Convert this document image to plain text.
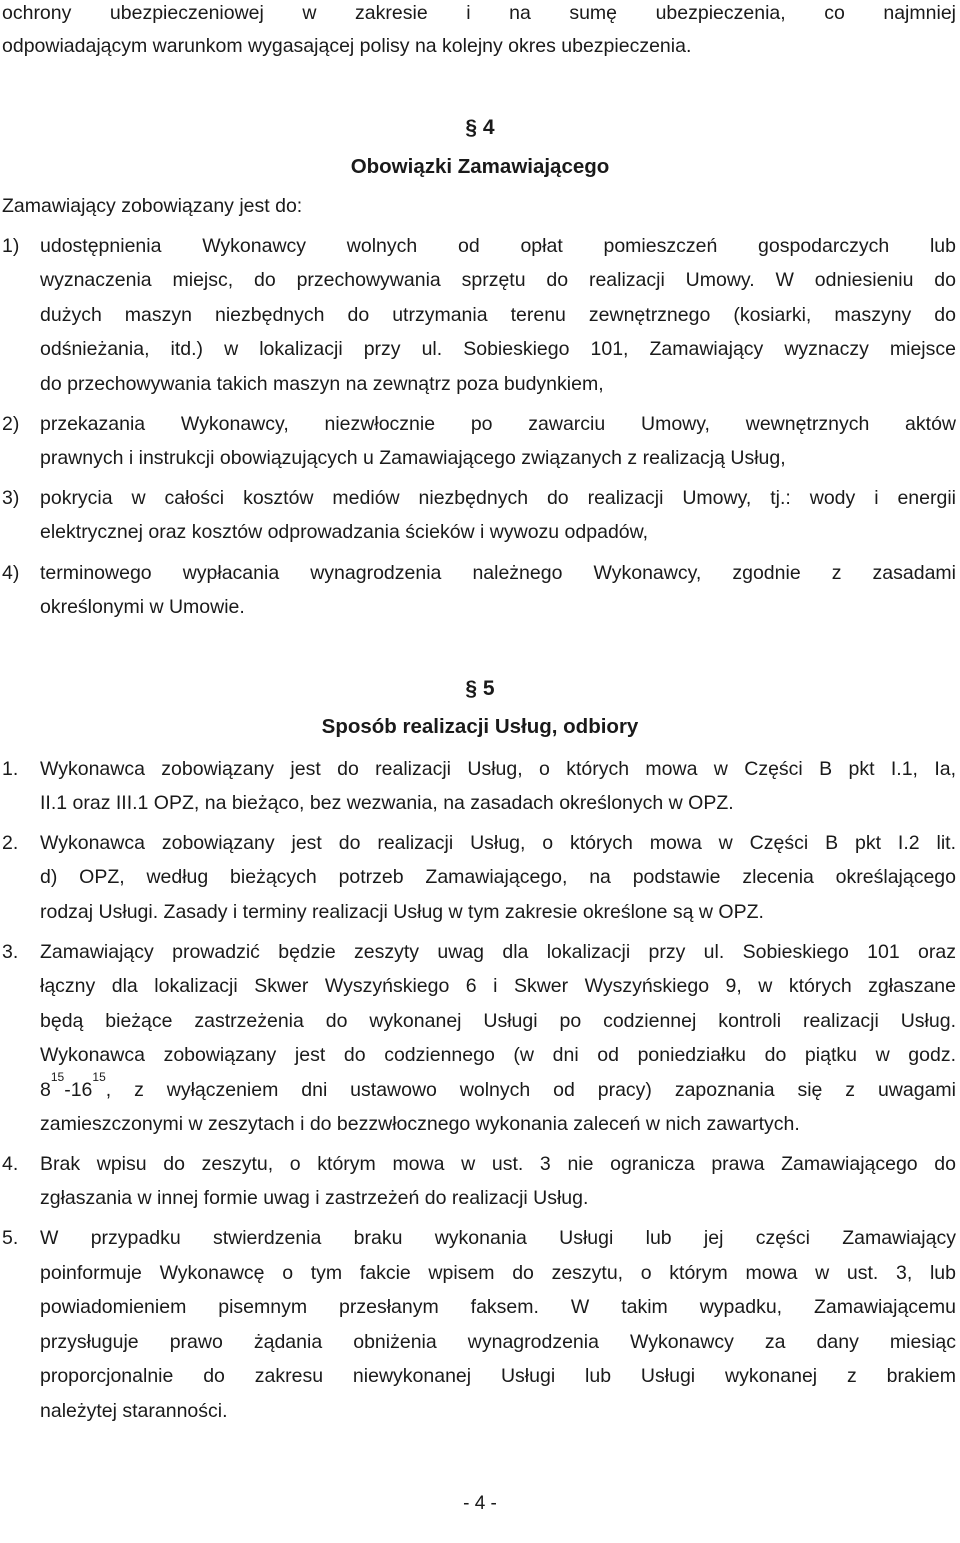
ochrony ubezpieczeniowej w zakresie i na sumę ubezpieczenia, co najmniej
odpowiadającym warunkom wygasającej polisy na kolejny okres ubezpieczenia.
§ 4
Obowiązki Zamawiającego
Zamawiający zobowiązany jest do:
1) udostępnienia Wykonawcy wolnych od opłat pomieszczeń gospodarczych lub
wyznaczenia miejsc, do przechowywania sprzętu do realizacji Umowy. W odniesieniu do
dużych maszyn niezbędnych do utrzymania terenu zewnętrznego (kosiarki, maszyny do
odśnieżania, itd.) w lokalizacji przy ul. Sobieskiego 101, Zamawiający wyznaczy miejsce
do przechowywania takich maszyn na zewnątrz poza budynkiem,
2) przekazania Wykonawcy, niezwłocznie po zawarciu Umowy, wewnętrznych aktów
prawnych i instrukcji obowiązujących u Zamawiającego związanych z realizacją Usług,
3) pokrycia w całości kosztów mediów niezbędnych do realizacji Umowy, tj.: wody i energii
elektrycznej oraz kosztów odprowadzania ścieków i wywozu odpadów,
4) terminowego wypłacania wynagrodzenia należnego Wykonawcy, zgodnie z zasadami
określonymi w Umowie.
§ 5
Sposób realizacji Usług, odbiory
1. Wykonawca zobowiązany jest do realizacji Usług, o których mowa w Części B pkt I.1, Ia,
II.1 oraz III.1 OPZ, na bieżąco, bez wezwania, na zasadach określonych w OPZ.
2. Wykonawca zobowiązany jest do realizacji Usług, o których mowa w Części B pkt I.2 lit.
d) OPZ, według bieżących potrzeb Zamawiającego, na podstawie zlecenia określającego
rodzaj Usługi. Zasady i terminy realizacji Usług w tym zakresie określone są w OPZ.
3. Zamawiający prowadzić będzie zeszyty uwag dla lokalizacji przy ul. Sobieskiego 101 oraz
łączny dla lokalizacji Skwer Wyszyńskiego 6 i Skwer Wyszyńskiego 9, w których zgłaszane
będą bieżące zastrzeżenia do wykonanej Usługi po codziennej kontroli realizacji Usług.
Wykonawca zobowiązany jest do codziennego (w dni od poniedziałku do piątku w godz.
8
15
-16
15
, z wyłączeniem dni ustawowo wolnych od pracy) zapoznania się z uwagami
zamieszczonymi w zeszytach i do bezzwłocznego wykonania zaleceń w nich zawartych.
4. Brak wpisu do zeszytu, o którym mowa w ust. 3 nie ogranicza prawa Zamawiającego do
zgłaszania w innej formie uwag i zastrzeżeń do realizacji Usług.
5. W przypadku stwierdzenia braku wykonania Usługi lub jej części Zamawiający
poinformuje Wykonawcę o tym fakcie wpisem do zeszytu, o którym mowa w ust. 3, lub
powiadomieniem pisemnym przesłanym faksem. W takim wypadku, Zamawiającemu
przysługuje prawo żądania obniżenia wynagrodzenia Wykonawcy za dany miesiąc
proporcjonalnie do zakresu niewykonanej Usługi lub Usługi wykonanej z brakiem
należytej staranności.
- 4 -
